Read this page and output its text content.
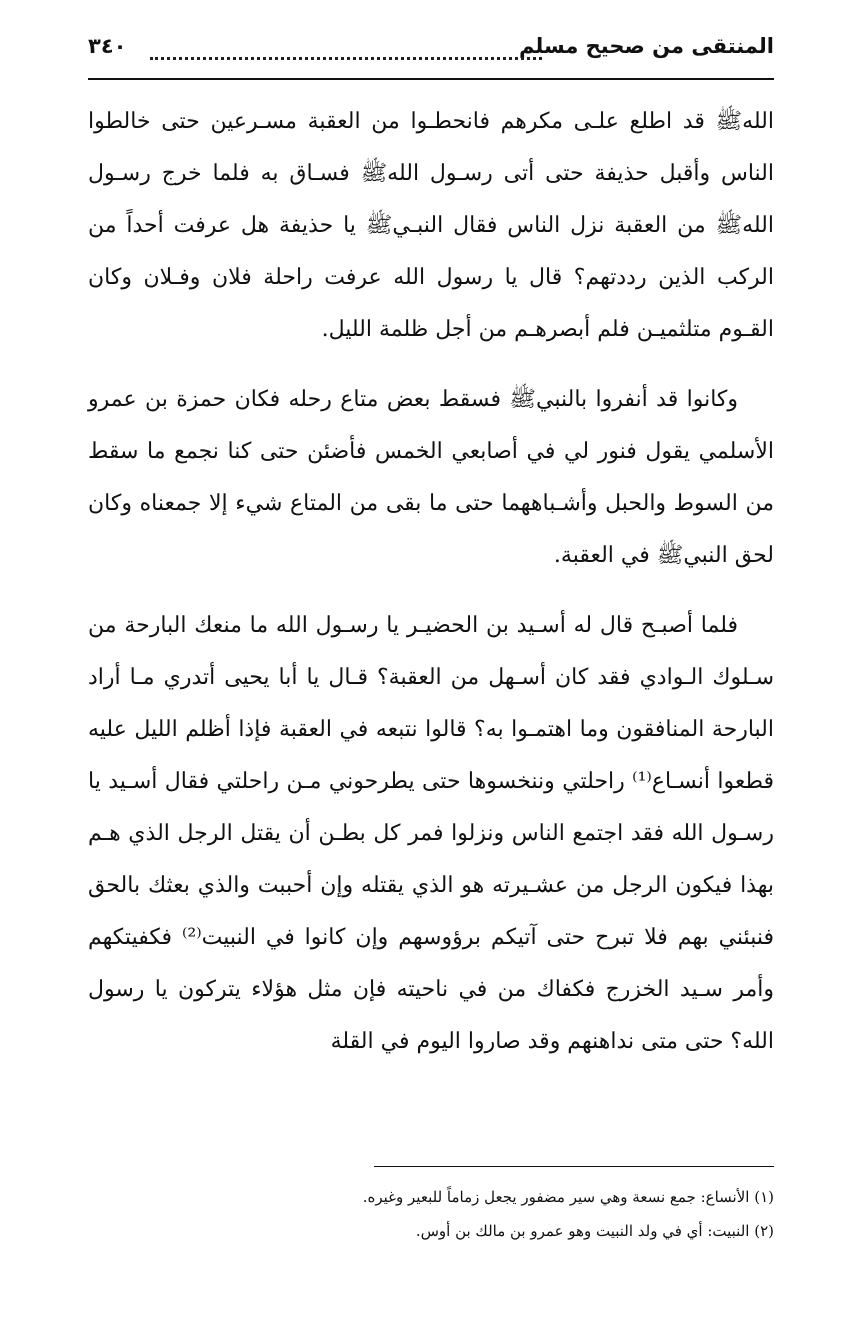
المنتقى من صحيح مسلم
٣٤٠

اللهﷺ قد اطلع علـى مكرهم فانحطـوا من العقبة مسـرعين حتى خالطوا الناس وأقبل حذيفة حتى أتى رسـول اللهﷺ فسـاق به فلما خرج رسـول اللهﷺ من العقبة نزل الناس فقال النبـيﷺ يا حذيفة هل عرفت أحداً من الركب الذين رددتهم؟ قال يا رسول الله عرفت راحلة فلان وفـلان وكان القـوم متلثميـن فلم أبصرهـم من أجل ظلمة الليل.

وكانوا قد أنفروا بالنبيﷺ فسقط بعض متاع رحله فكان حمزة بن عمرو الأسلمي يقول فنور لي في أصابعي الخمس فأضئن حتى كنا نجمع ما سقط من السوط والحبل وأشـباههما حتى ما بقى من المتاع شيء إلا جمعناه وكان لحق النبيﷺ في العقبة.

فلما أصبـح قال له أسـيد بن الحضيـر يا رسـول الله ما منعك البارحة من سـلوك الـوادي فقد كان أسـهل من العقبة؟ قـال يا أبا يحيى أتدري مـا أراد البارحة المنافقون وما اهتمـوا به؟ قالوا نتبعه في العقبة فإذا أظلم الليل عليه قطعوا أنسـاع⁽¹⁾ راحلتي وننخسوها حتى يطرحوني مـن راحلتي فقال أسـيد يا رسـول الله فقد اجتمع الناس ونزلوا فمر كل بطـن أن يقتل الرجل الذي هـم بهذا فيكون الرجل من عشـيرته هو الذي يقتله وإن أحببت والذي بعثك بالحق فنبئني بهم فلا تبرح حتى آتيكم برؤوسهم وإن كانوا في النبيت⁽²⁾ فكفيتكهم وأمر سـيد الخزرج فكفاك من في ناحيته فإن مثل هؤلاء يتركون يا رسول الله؟ حتى متى نداهنهم وقد صاروا اليوم في القلة

(١) الأنساع: جمع نسعة وهي سير مضفور يجعل زماماً للبعير وغيره.

(٢) النبيت: أي في ولد النبيت وهو عمرو بن مالك بن أوس.
